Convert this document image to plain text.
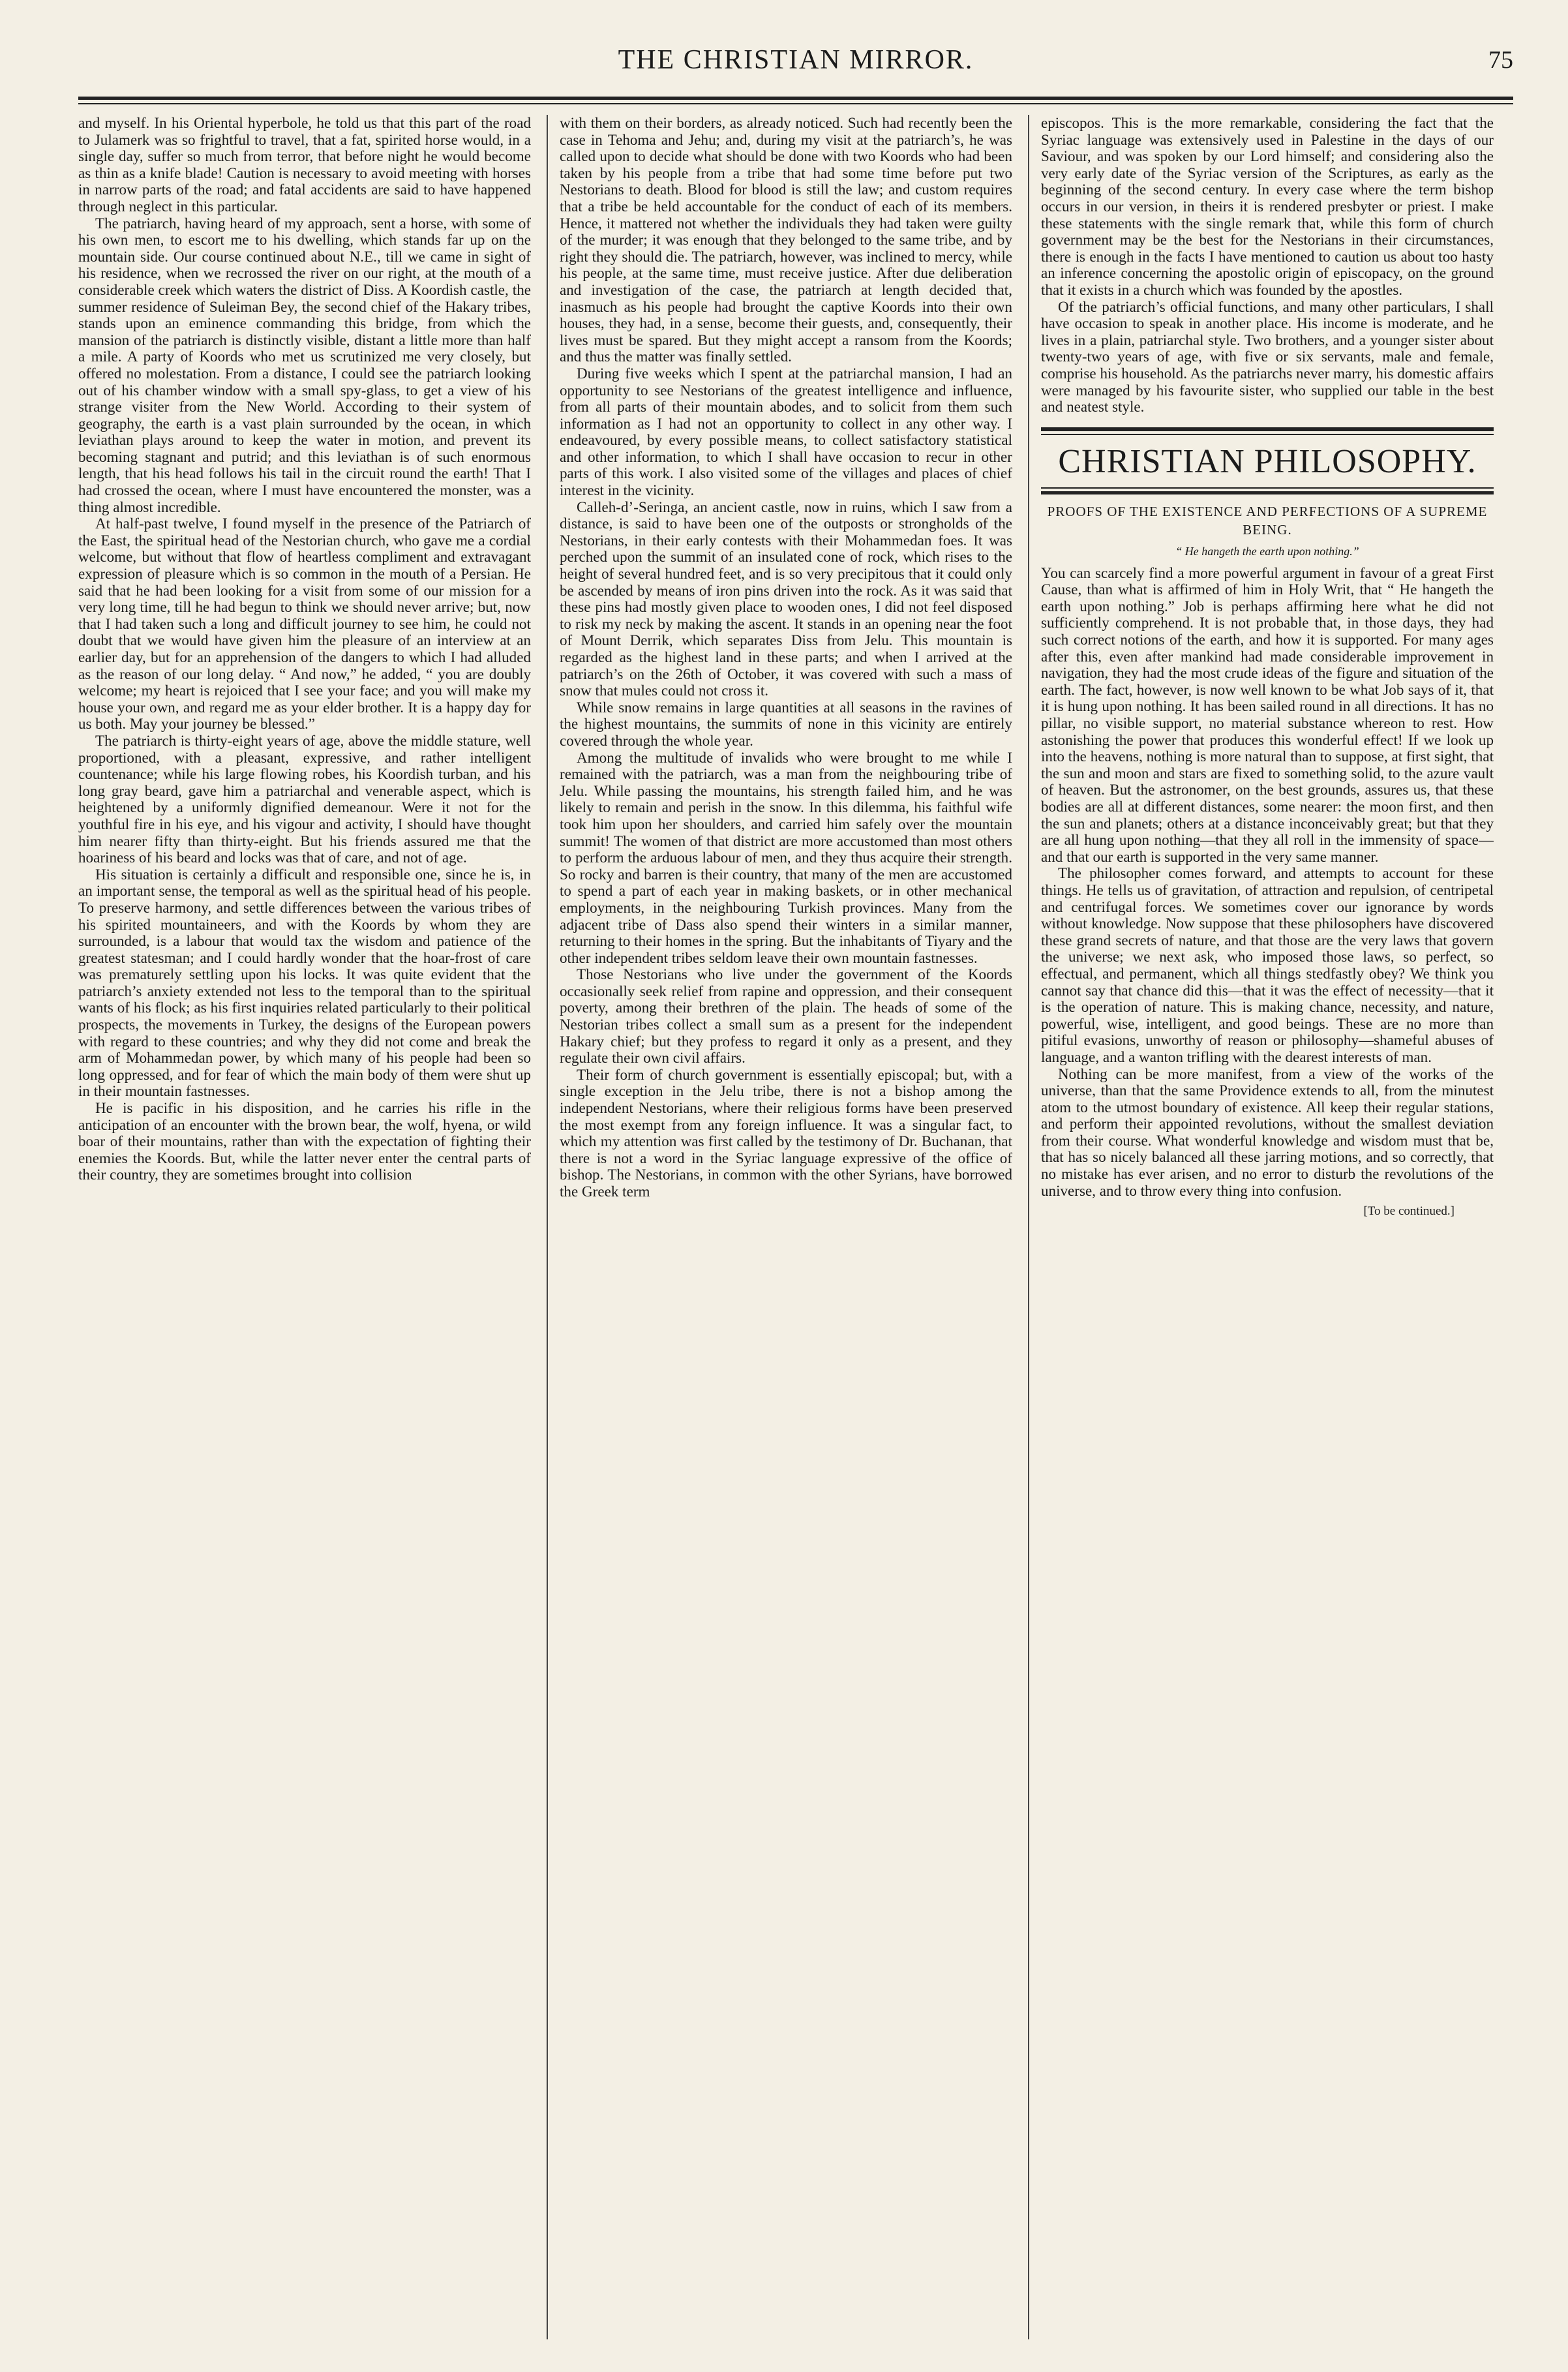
THE CHRISTIAN MIRROR.	75

and myself. In his Oriental hyperbole, he told us that this part of the road to Julamerk was so frightful to travel, that a fat, spirited horse would, in a single day, suffer so much from terror, that before night he would become as thin as a knife blade! Caution is necessary to avoid meeting with horses in narrow parts of the road; and fatal accidents are said to have happened through neglect in this particular.

The patriarch, having heard of my approach, sent a horse, with some of his own men, to escort me to his dwelling, which stands far up on the mountain side. Our course continued about N.E., till we came in sight of his residence, when we recrossed the river on our right, at the mouth of a considerable creek which waters the district of Diss. A Koordish castle, the summer residence of Suleiman Bey, the second chief of the Hakary tribes, stands upon an eminence commanding this bridge, from which the mansion of the patriarch is distinctly visible, distant a little more than half a mile. A party of Koords who met us scrutinized me very closely, but offered no molestation. From a distance, I could see the patriarch looking out of his chamber window with a small spy-glass, to get a view of his strange visiter from the New World. According to their system of geography, the earth is a vast plain surrounded by the ocean, in which leviathan plays around to keep the water in motion, and prevent its becoming stagnant and putrid; and this leviathan is of such enormous length, that his head follows his tail in the circuit round the earth! That I had crossed the ocean, where I must have encountered the monster, was a thing almost incredible.

At half-past twelve, I found myself in the presence of the Patriarch of the East, the spiritual head of the Nestorian church, who gave me a cordial welcome, but without that flow of heartless compliment and extravagant expression of pleasure which is so common in the mouth of a Persian. He said that he had been looking for a visit from some of our mission for a very long time, till he had begun to think we should never arrive; but, now that I had taken such a long and difficult journey to see him, he could not doubt that we would have given him the pleasure of an interview at an earlier day, but for an apprehension of the dangers to which I had alluded as the reason of our long delay. “ And now,” he added, “ you are doubly welcome; my heart is rejoiced that I see your face; and you will make my house your own, and regard me as your elder brother. It is a happy day for us both. May your journey be blessed.”

The patriarch is thirty-eight years of age, above the middle stature, well proportioned, with a pleasant, expressive, and rather intelligent countenance; while his large flowing robes, his Koordish turban, and his long gray beard, gave him a patriarchal and venerable aspect, which is heightened by a uniformly dignified demeanour. Were it not for the youthful fire in his eye, and his vigour and activity, I should have thought him nearer fifty than thirty-eight. But his friends assured me that the hoariness of his beard and locks was that of care, and not of age.

His situation is certainly a difficult and responsible one, since he is, in an important sense, the temporal as well as the spiritual head of his people. To preserve harmony, and settle differences between the various tribes of his spirited mountaineers, and with the Koords by whom they are surrounded, is a labour that would tax the wisdom and patience of the greatest statesman; and I could hardly wonder that the hoar-frost of care was prematurely settling upon his locks. It was quite evident that the patriarch’s anxiety extended not less to the temporal than to the spiritual wants of his flock; as his first inquiries related particularly to their political prospects, the movements in Turkey, the designs of the European powers with regard to these countries; and why they did not come and break the arm of Mohammedan power, by which many of his people had been so long oppressed, and for fear of which the main body of them were shut up in their mountain fastnesses.

He is pacific in his disposition, and he carries his rifle in the anticipation of an encounter with the brown bear, the wolf, hyena, or wild boar of their mountains, rather than with the expectation of fighting their enemies the Koords. But, while the latter never enter the central parts of their country, they are sometimes brought into collision

with them on their borders, as already noticed. Such had recently been the case in Tehoma and Jehu; and, during my visit at the patriarch’s, he was called upon to decide what should be done with two Koords who had been taken by his people from a tribe that had some time before put two Nestorians to death. Blood for blood is still the law; and custom requires that a tribe be held accountable for the conduct of each of its members. Hence, it mattered not whether the individuals they had taken were guilty of the murder; it was enough that they belonged to the same tribe, and by right they should die. The patriarch, however, was inclined to mercy, while his people, at the same time, must receive justice. After due deliberation and investigation of the case, the patriarch at length decided that, inasmuch as his people had brought the captive Koords into their own houses, they had, in a sense, become their guests, and, consequently, their lives must be spared. But they might accept a ransom from the Koords; and thus the matter was finally settled.

During five weeks which I spent at the patriarchal mansion, I had an opportunity to see Nestorians of the greatest intelligence and influence, from all parts of their mountain abodes, and to solicit from them such information as I had not an opportunity to collect in any other way. I endeavoured, by every possible means, to collect satisfactory statistical and other information, to which I shall have occasion to recur in other parts of this work. I also visited some of the villages and places of chief interest in the vicinity.

Calleh-d’-Seringa, an ancient castle, now in ruins, which I saw from a distance, is said to have been one of the outposts or strongholds of the Nestorians, in their early contests with their Mohammedan foes. It was perched upon the summit of an insulated cone of rock, which rises to the height of several hundred feet, and is so very precipitous that it could only be ascended by means of iron pins driven into the rock. As it was said that these pins had mostly given place to wooden ones, I did not feel disposed to risk my neck by making the ascent. It stands in an opening near the foot of Mount Derrik, which separates Diss from Jelu. This mountain is regarded as the highest land in these parts; and when I arrived at the patriarch’s on the 26th of October, it was covered with such a mass of snow that mules could not cross it.

While snow remains in large quantities at all seasons in the ravines of the highest mountains, the summits of none in this vicinity are entirely covered through the whole year.

Among the multitude of invalids who were brought to me while I remained with the patriarch, was a man from the neighbouring tribe of Jelu. While passing the mountains, his strength failed him, and he was likely to remain and perish in the snow. In this dilemma, his faithful wife took him upon her shoulders, and carried him safely over the mountain summit! The women of that district are more accustomed than most others to perform the arduous labour of men, and they thus acquire their strength. So rocky and barren is their country, that many of the men are accustomed to spend a part of each year in making baskets, or in other mechanical employments, in the neighbouring Turkish provinces. Many from the adjacent tribe of Dass also spend their winters in a similar manner, returning to their homes in the spring. But the inhabitants of Tiyary and the other independent tribes seldom leave their own mountain fastnesses.

Those Nestorians who live under the government of the Koords occasionally seek relief from rapine and oppression, and their consequent poverty, among their brethren of the plain. The heads of some of the Nestorian tribes collect a small sum as a present for the independent Hakary chief; but they profess to regard it only as a present, and they regulate their own civil affairs.

Their form of church government is essentially episcopal; but, with a single exception in the Jelu tribe, there is not a bishop among the independent Nestorians, where their religious forms have been preserved the most exempt from any foreign influence. It was a singular fact, to which my attention was first called by the testimony of Dr. Buchanan, that there is not a word in the Syriac language expressive of the office of bishop. The Nestorians, in common with the other Syrians, have borrowed the Greek term

episcopos. This is the more remarkable, considering the fact that the Syriac language was extensively used in Palestine in the days of our Saviour, and was spoken by our Lord himself; and considering also the very early date of the Syriac version of the Scriptures, as early as the beginning of the second century. In every case where the term bishop occurs in our version, in theirs it is rendered presbyter or priest. I make these statements with the single remark that, while this form of church government may be the best for the Nestorians in their circumstances, there is enough in the facts I have mentioned to caution us about too hasty an inference concerning the apostolic origin of episcopacy, on the ground that it exists in a church which was founded by the apostles.

Of the patriarch’s official functions, and many other particulars, I shall have occasion to speak in another place. His income is moderate, and he lives in a plain, patriarchal style. Two brothers, and a younger sister about twenty-two years of age, with five or six servants, male and female, comprise his household. As the patriarchs never marry, his domestic affairs were managed by his favourite sister, who supplied our table in the best and neatest style.

CHRISTIAN PHILOSOPHY.
PROOFS OF THE EXISTENCE AND PERFECTIONS OF A SUPREME BEING.
“ He hangeth the earth upon nothing.”

You can scarcely find a more powerful argument in favour of a great First Cause, than what is affirmed of him in Holy Writ, that “ He hangeth the earth upon nothing.” Job is perhaps affirming here what he did not sufficiently comprehend. It is not probable that, in those days, they had such correct notions of the earth, and how it is supported. For many ages after this, even after mankind had made considerable improvement in navigation, they had the most crude ideas of the figure and situation of the earth. The fact, however, is now well known to be what Job says of it, that it is hung upon nothing. It has been sailed round in all directions. It has no pillar, no visible support, no material substance whereon to rest. How astonishing the power that produces this wonderful effect! If we look up into the heavens, nothing is more natural than to suppose, at first sight, that the sun and moon and stars are fixed to something solid, to the azure vault of heaven. But the astronomer, on the best grounds, assures us, that these bodies are all at different distances, some nearer: the moon first, and then the sun and planets; others at a distance inconceivably great; but that they are all hung upon nothing—that they all roll in the immensity of space—and that our earth is supported in the very same manner.

The philosopher comes forward, and attempts to account for these things. He tells us of gravitation, of attraction and repulsion, of centripetal and centrifugal forces. We sometimes cover our ignorance by words without knowledge. Now suppose that these philosophers have discovered these grand secrets of nature, and that those are the very laws that govern the universe; we next ask, who imposed those laws, so perfect, so effectual, and permanent, which all things stedfastly obey? We think you cannot say that chance did this—that it was the effect of necessity—that it is the operation of nature. This is making chance, necessity, and nature, powerful, wise, intelligent, and good beings. These are no more than pitiful evasions, unworthy of reason or philosophy—shameful abuses of language, and a wanton trifling with the dearest interests of man.

Nothing can be more manifest, from a view of the works of the universe, than that the same Providence extends to all, from the minutest atom to the utmost boundary of existence. All keep their regular stations, and perform their appointed revolutions, without the smallest deviation from their course. What wonderful knowledge and wisdom must that be, that has so nicely balanced all these jarring motions, and so correctly, that no mistake has ever arisen, and no error to disturb the revolutions of the universe, and to throw every thing into confusion.

[To be continued.]
